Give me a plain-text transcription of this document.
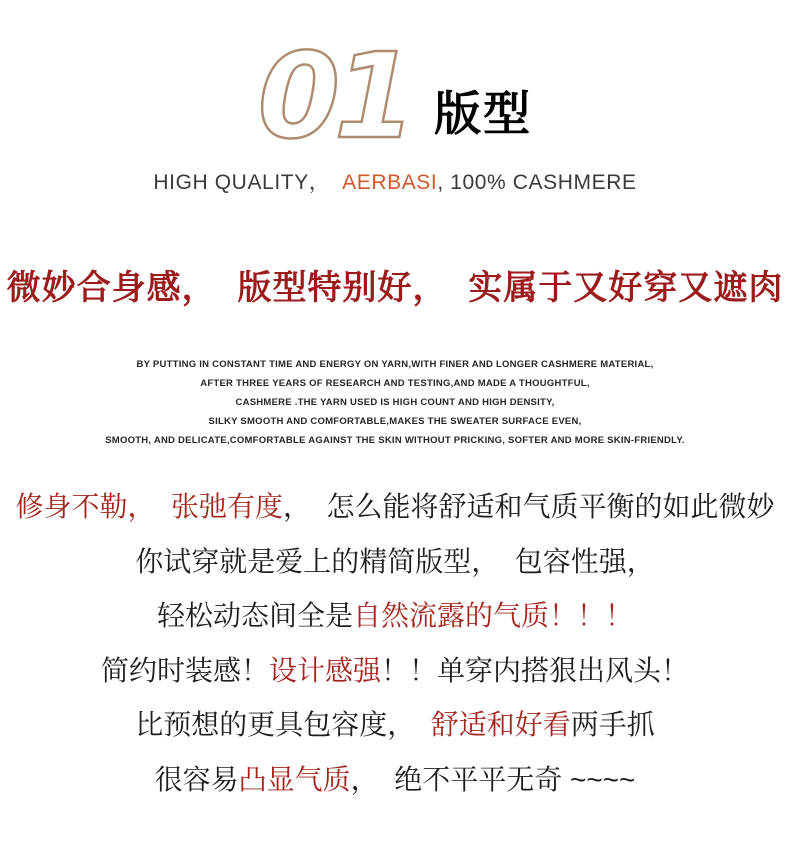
01 版型
HIGH QUALITY，  AERBASI, 100% CASHMERE
微妙合身感，  版型特别好，  实属于又好穿又遮肉
BY PUTTING IN CONSTANT TIME AND ENERGY ON YARN,WITH FINER AND LONGER CASHMERE MATERIAL,
AFTER THREE YEARS OF RESEARCH AND TESTING,AND MADE A THOUGHTFUL,
CASHMERE .THE YARN USED IS HIGH COUNT AND HIGH DENSITY,
SILKY SMOOTH AND COMFORTABLE,MAKES THE SWEATER SURFACE EVEN,
SMOOTH, AND DELICATE,COMFORTABLE AGAINST THE SKIN WITHOUT PRICKING, SOFTER AND MORE SKIN-FRIENDLY.
修身不勒，  张弛有度，  怎么能将舒适和气质平衡的如此微妙
你试穿就是爱上的精简版型，  包容性强，
轻松动态间全是自然流露的气质！！！
简约时装感！设计感强！！单穿内搭狠出风头！
比预想的更具包容度，  舒适和好看两手抓
很容易凸显气质，  绝不平平无奇 ~~~~
